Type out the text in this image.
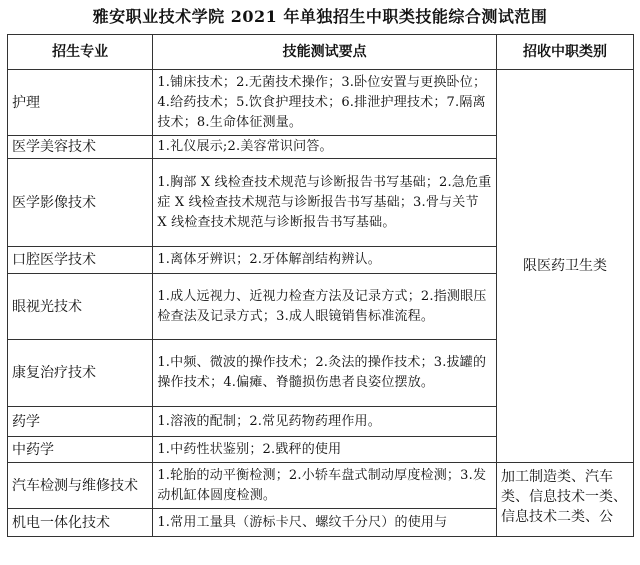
雅安职业技术学院 2021 年单独招生中职类技能综合测试范围
招生专业	技能测试要点	招收中职类别
护理	1.铺床技术；2.无菌技术操作；3.卧位安置与更换卧位；4.给药技术；5.饮食护理技术；6.排泄护理技术；7.隔离技术；8.生命体征测量。	限医药卫生类
医学美容技术	1.礼仪展示;2.美容常识问答。	
医学影像技术	1.胸部 X 线检查技术规范与诊断报告书写基础；2.急危重症 X 线检查技术规范与诊断报告书写基础；3.骨与关节 X 线检查技术规范与诊断报告书写基础。	
口腔医学技术	1.离体牙辨识；2.牙体解剖结构辨认。	
眼视光技术	1.成人远视力、近视力检查方法及记录方式；2.指测眼压检查法及记录方式；3.成人眼镜销售标准流程。	
康复治疗技术	1.中频、微波的操作技术；2.灸法的操作技术；3.拔罐的操作技术；4.偏瘫、脊髓损伤患者良姿位摆放。	
药学	1.溶液的配制；2.常见药物药理作用。	
中药学	1.中药性状鉴别；2.戥秤的使用	
汽车检测与维修技术	1.轮胎的动平衡检测；2.小轿车盘式制动厚度检测；3.发动机缸体圆度检测。	加工制造类、汽车类、信息技术一类、信息技术二类、公
机电一体化技术	1.常用工量具（游标卡尺、螺纹千分尺）的使用与	
